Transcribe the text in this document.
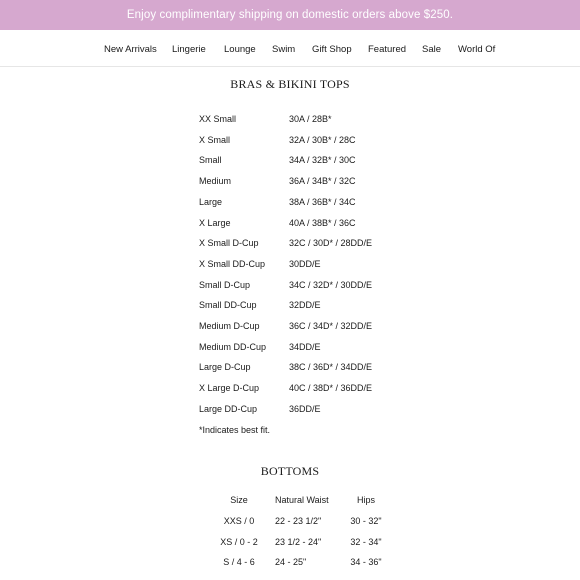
Enjoy complimentary shipping on domestic orders above $250.
New Arrivals Lingerie Lounge Swim Gift Shop Featured Sale World Of
BRAS & BIKINI TOPS
XX Small	30A / 28B*
X Small	32A / 30B* / 28C
Small	34A / 32B* / 30C
Medium	36A / 34B* / 32C
Large	38A / 36B* / 34C
X Large	40A / 38B* / 36C
X Small D-Cup	32C / 30D* / 28DD/E
X Small DD-Cup	30DD/E
Small D-Cup	34C / 32D* / 30DD/E
Small DD-Cup	32DD/E
Medium D-Cup	36C / 34D* / 32DD/E
Medium DD-Cup	34DD/E
Large D-Cup	38C / 36D* / 34DD/E
X Large D-Cup	40C / 38D* / 36DD/E
Large DD-Cup	36DD/E
*Indicates best fit.
BOTTOMS
Size	Natural Waist	Hips
XXS / 0	22 - 23 1/2"	30 - 32"
XS / 0 - 2	23 1/2 - 24"	32 - 34"
S / 4 - 6	24 - 25"	34 - 36"
